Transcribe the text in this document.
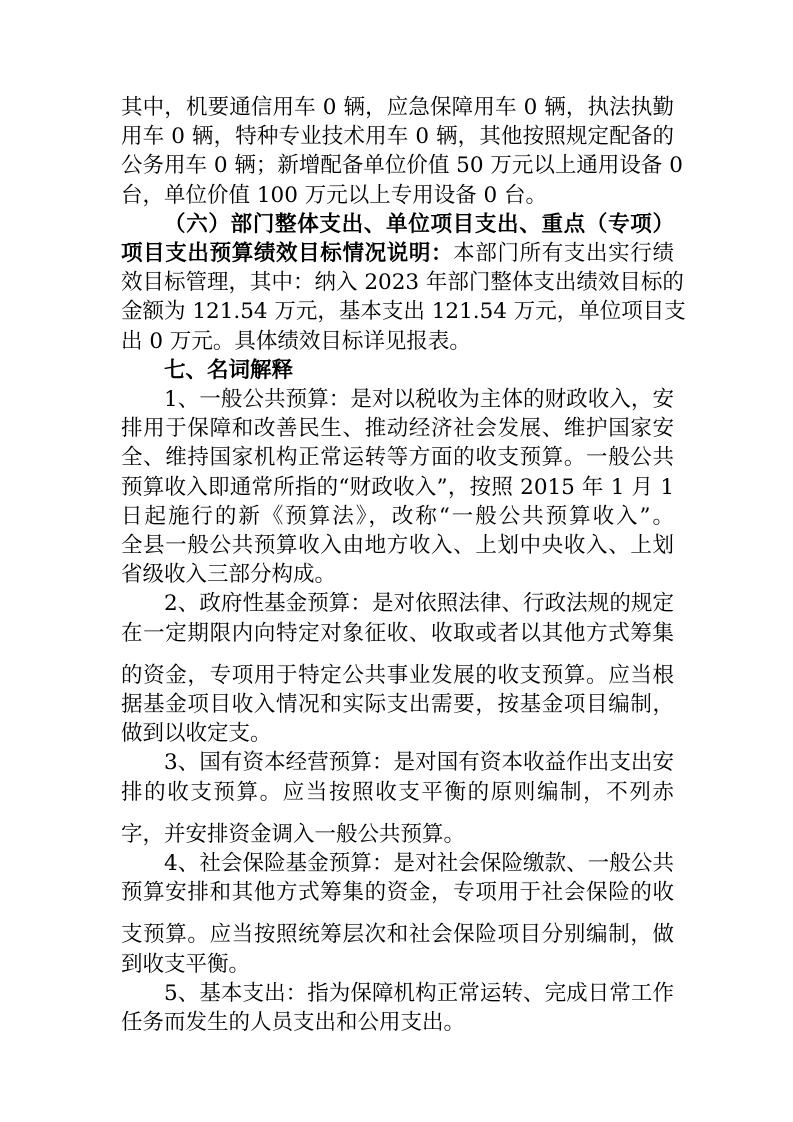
其中，机要通信用车 0 辆，应急保障用车 0 辆，执法执勤
用车 0 辆，特种专业技术用车 0 辆，其他按照规定配备的
公务用车 0 辆；新增配备单位价值 50 万元以上通用设备 0
台，单位价值 100 万元以上专用设备 0 台。
（六）部门整体支出、单位项目支出、重点（专项）
项目支出预算绩效目标情况说明：本部门所有支出实行绩
效目标管理，其中：纳入 2023 年部门整体支出绩效目标的
金额为 121.54 万元，基本支出 121.54 万元，单位项目支
出 0 万元。具体绩效目标详见报表。
七、名词解释
1、一般公共预算：是对以税收为主体的财政收入，安
排用于保障和改善民生、推动经济社会发展、维护国家安
全、维持国家机构正常运转等方面的收支预算。一般公共
预算收入即通常所指的“财政收入”，按照 2015 年 1 月 1
日起施行的新《预算法》，改称“一般公共预算收入”。
全县一般公共预算收入由地方收入、上划中央收入、上划
省级收入三部分构成。
2、政府性基金预算：是对依照法律、行政法规的规定
在一定期限内向特定对象征收、收取或者以其他方式筹集
的资金，专项用于特定公共事业发展的收支预算。应当根
据基金项目收入情况和实际支出需要，按基金项目编制，
做到以收定支。
3、国有资本经营预算：是对国有资本收益作出支出安
排的收支预算。应当按照收支平衡的原则编制，不列赤
字，并安排资金调入一般公共预算。
4、社会保险基金预算：是对社会保险缴款、一般公共
预算安排和其他方式筹集的资金，专项用于社会保险的收
支预算。应当按照统筹层次和社会保险项目分别编制，做
到收支平衡。
5、基本支出：指为保障机构正常运转、完成日常工作
任务而发生的人员支出和公用支出。
